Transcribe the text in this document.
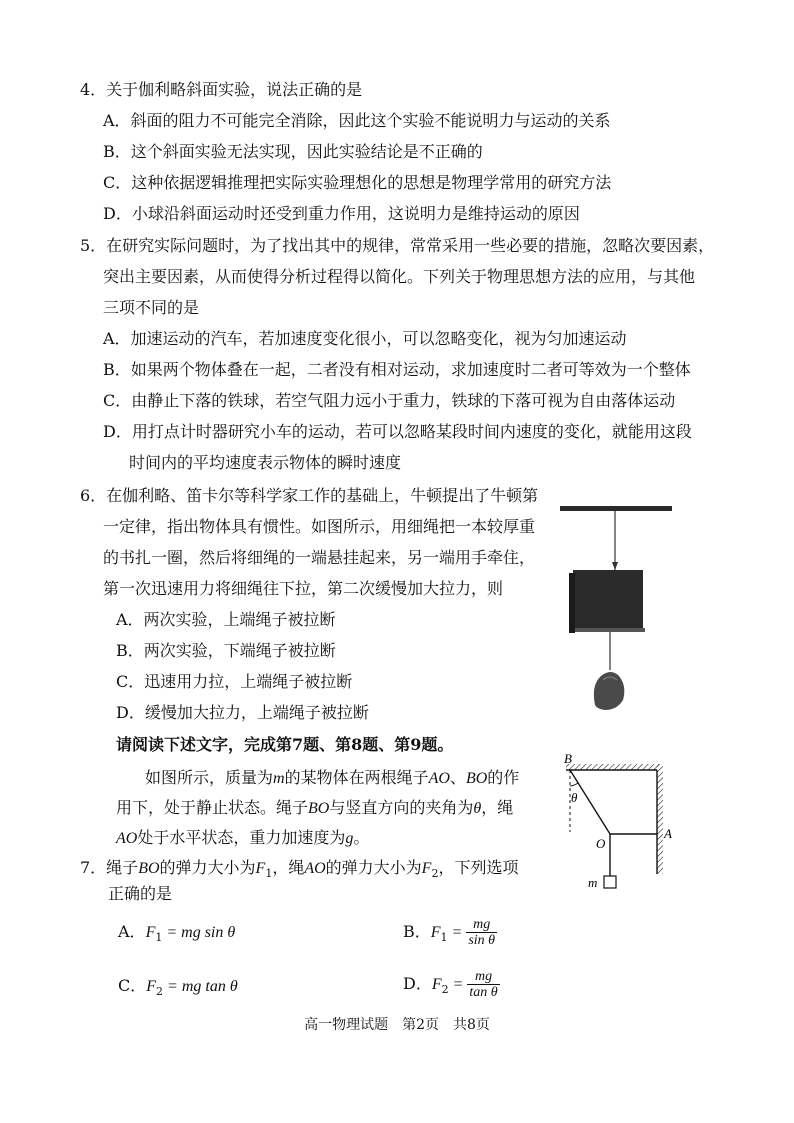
4．关于伽利略斜面实验，说法正确的是
A．斜面的阻力不可能完全消除，因此这个实验不能说明力与运动的关系
B．这个斜面实验无法实现，因此实验结论是不正确的
C．这种依据逻辑推理把实际实验理想化的思想是物理学常用的研究方法
D．小球沿斜面运动时还受到重力作用，这说明力是维持运动的原因
5．在研究实际问题时，为了找出其中的规律，常常采用一些必要的措施，忽略次要因素，
突出主要因素，从而使得分析过程得以简化。下列关于物理思想方法的应用，与其他
三项不同的是
A．加速运动的汽车，若加速度变化很小，可以忽略变化，视为匀加速运动
B．如果两个物体叠在一起，二者没有相对运动，求加速度时二者可等效为一个整体
C．由静止下落的铁球，若空气阻力远小于重力，铁球的下落可视为自由落体运动
D．用打点计时器研究小车的运动，若可以忽略某段时间内速度的变化，就能用这段
时间内的平均速度表示物体的瞬时速度
6．在伽利略、笛卡尔等科学家工作的基础上，牛顿提出了牛顿第
一定律，指出物体具有惯性。如图所示，用细绳把一本较厚重
的书扎一圈，然后将细绳的一端悬挂起来，另一端用手牵住，
第一次迅速用力将细绳往下拉，第二次缓慢加大拉力，则
A．两次实验，上端绳子被拉断
B．两次实验，下端绳子被拉断
C．迅速用力拉，上端绳子被拉断
D．缓慢加大拉力，上端绳子被拉断
请阅读下述文字，完成第7题、第8题、第9题。
如图所示，质量为m的某物体在两根绳子AO、BO的作
用下，处于静止状态。绳子BO与竖直方向的夹角为θ，绳
AO处于水平状态，重力加速度为g。
7．绳子BO的弹力大小为$F_1$，绳AO的弹力大小为$F_2$，下列选项
正确的是
A．$F_1$ = mg sin θ	B．$F_1 = \frac{mg}{\text{sin θ}}$
C．$F_2$ = mg tan θ	D．$F_2 = \frac{mg}{\text{tan θ}}$
B
θ
O
A
m
高一物理试题　第2页　共8页
